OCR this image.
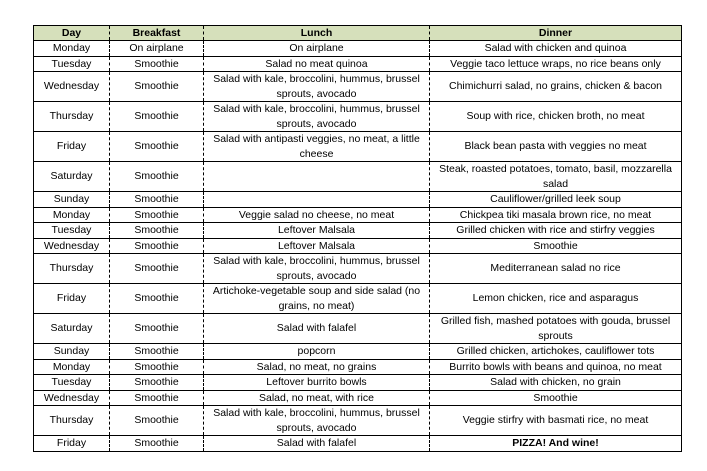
Day	Breakfast	Lunch	Dinner
Monday	On airplane	On airplane	Salad with chicken and quinoa
Tuesday	Smoothie	Salad no meat quinoa	Veggie taco lettuce wraps, no rice beans only
Wednesday	Smoothie	Salad with kale, broccolini, hummus, brussel sprouts, avocado	Chimichurri salad, no grains, chicken & bacon
Thursday	Smoothie	Salad with kale, broccolini, hummus, brussel sprouts, avocado	Soup with rice, chicken broth, no meat
Friday	Smoothie	Salad with antipasti veggies, no meat, a little cheese	Black bean pasta with veggies no meat
Saturday	Smoothie		Steak, roasted potatoes, tomato, basil, mozzarella salad
Sunday	Smoothie		Cauliflower/grilled leek soup
Monday	Smoothie	Veggie salad no cheese, no meat	Chickpea tiki masala brown rice, no meat
Tuesday	Smoothie	Leftover Malsala	Grilled chicken with rice and stirfry veggies
Wednesday	Smoothie	Leftover Malsala	Smoothie
Thursday	Smoothie	Salad with kale, broccolini, hummus, brussel sprouts, avocado	Mediterranean salad no rice
Friday	Smoothie	Artichoke-vegetable soup and side salad (no grains, no meat)	Lemon chicken, rice and asparagus
Saturday	Smoothie	Salad with falafel	Grilled fish, mashed potatoes with gouda, brussel sprouts
Sunday	Smoothie	popcorn	Grilled chicken, artichokes, cauliflower tots
Monday	Smoothie	Salad, no meat, no grains	Burrito bowls with beans and quinoa, no meat
Tuesday	Smoothie	Leftover burrito bowls	Salad with chicken, no grain
Wednesday	Smoothie	Salad, no meat, with rice	Smoothie
Thursday	Smoothie	Salad with kale, broccolini, hummus, brussel sprouts, avocado	Veggie stirfry with basmati rice, no meat
Friday	Smoothie	Salad with falafel	PIZZA! And wine!
